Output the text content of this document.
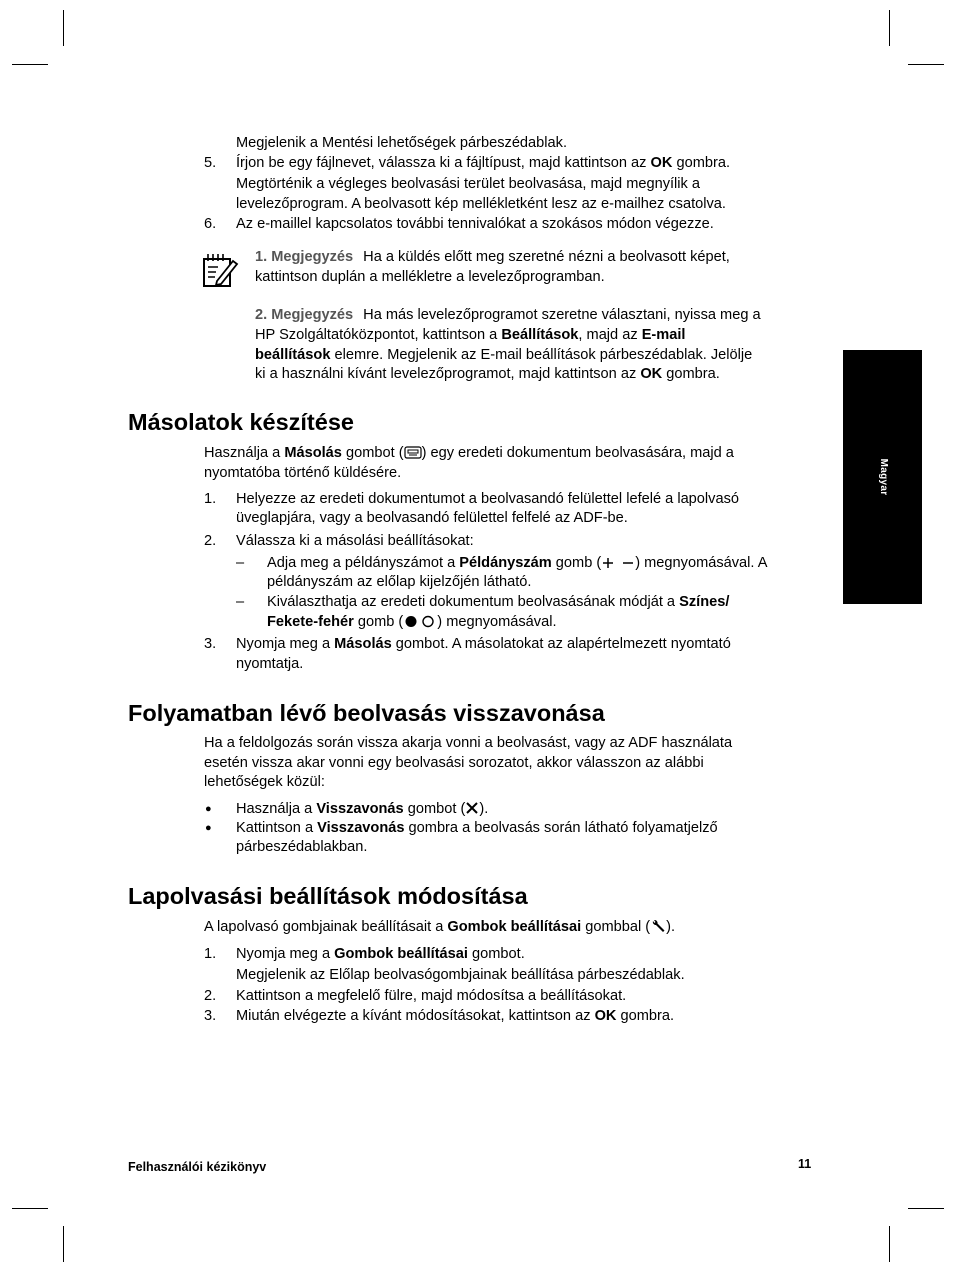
Megjelenik a Mentési lehetőségek párbeszédablak.

5. Írjon be egy fájlnevet, válassza ki a fájltípust, majd kattintson az OK gombra.

Megtörténik a végleges beolvasási terület beolvasása, majd megnyílik a

levelezőprogram. A beolvasott kép mellékletként lesz az e-mailhez csatolva.

6. Az e-maillel kapcsolatos további tennivalókat a szokásos módon végezze.

1. Megjegyzés Ha a küldés előtt meg szeretné nézni a beolvasott képet,

kattintson duplán a mellékletre a levelezőprogramban.

2. Megjegyzés Ha más levelezőprogramot szeretne választani, nyissa meg a

HP Szolgáltatóközpontot, kattintson a Beállítások, majd az E-mail

beállítások elemre. Megjelenik az E-mail beállítások párbeszédablak. Jelölje

ki a használni kívánt levelezőprogramot, majd kattintson az OK gombra.

Másolatok készítése

Használja a Másolás gombot ( ) egy eredeti dokumentum beolvasására, majd a

nyomtatóba történő küldésére.

1. Helyezze az eredeti dokumentumot a beolvasandó felülettel lefelé a lapolvasó

üveglapjára, vagy a beolvasandó felülettel felfelé az ADF-be.

2. Válassza ki a másolási beállításokat:

– Adja meg a példányszámot a Példányszám gomb ( ) megnyomásával. A

példányszám az előlap kijelzőjén látható.

– Kiválaszthatja az eredeti dokumentum beolvasásának módját a Színes/

Fekete-fehér gomb ( ) megnyomásával.

3. Nyomja meg a Másolás gombot. A másolatokat az alapértelmezett nyomtató

nyomtatja.

Folyamatban lévő beolvasás visszavonása

Ha a feldolgozás során vissza akarja vonni a beolvasást, vagy az ADF használata

esetén vissza akar vonni egy beolvasási sorozatot, akkor válasszon az alábbi

lehetőségek közül:

● Használja a Visszavonás gombot ( ).

● Kattintson a Visszavonás gombra a beolvasás során látható folyamatjelző

párbeszédablakban.

Lapolvasási beállítások módosítása

A lapolvasó gombjainak beállításait a Gombok beállításai gombbal ( ).

1. Nyomja meg a Gombok beállításai gombot.

Megjelenik az Előlap beolvasógombjainak beállítása párbeszédablak.

2. Kattintson a megfelelő fülre, majd módosítsa a beállításokat.

3. Miután elvégezte a kívánt módosításokat, kattintson az OK gombra.

Magyar
Felhasználói kézikönyv	11
